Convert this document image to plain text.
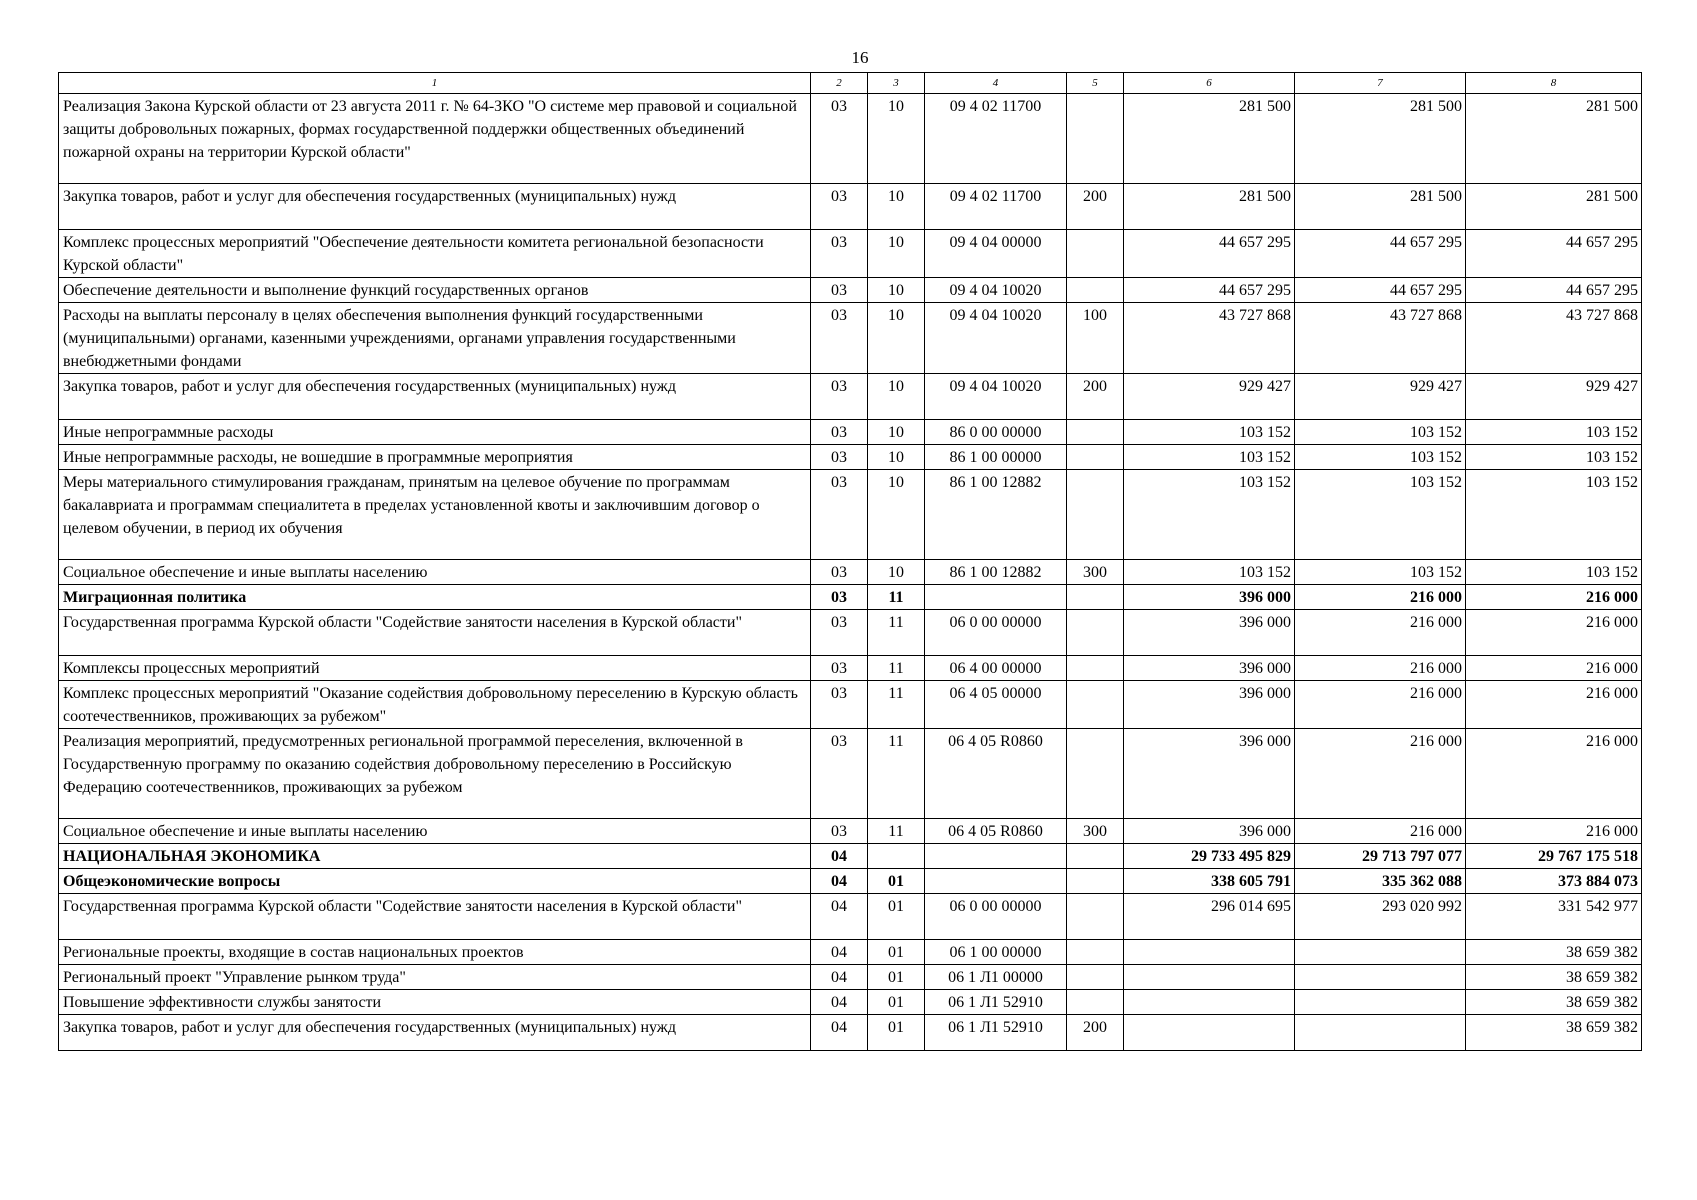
16
1	2	3	4	5	6	7	8
Реализация Закона Курской области от 23 августа 2011 г. № 64-ЗКО "О системе мер правовой и социальной защиты добровольных пожарных, формах государственной поддержки общественных объединений пожарной охраны на территории Курской области"	03	10	09 4 02 11700		281 500	281 500	281 500
Закупка товаров, работ и услуг для обеспечения государственных (муниципальных) нужд	03	10	09 4 02 11700	200	281 500	281 500	281 500
Комплекс процессных мероприятий "Обеспечение деятельности комитета региональной безопасности Курской области"	03	10	09 4 04 00000		44 657 295	44 657 295	44 657 295
Обеспечение деятельности и выполнение функций государственных органов	03	10	09 4 04 10020		44 657 295	44 657 295	44 657 295
Расходы на выплаты персоналу в целях обеспечения выполнения функций государственными (муниципальными) органами, казенными учреждениями, органами управления государственными внебюджетными фондами	03	10	09 4 04 10020	100	43 727 868	43 727 868	43 727 868
Закупка товаров, работ и услуг для обеспечения государственных (муниципальных) нужд	03	10	09 4 04 10020	200	929 427	929 427	929 427
Иные непрограммные расходы	03	10	86 0 00 00000		103 152	103 152	103 152
Иные непрограммные расходы, не вошедшие в программные мероприятия	03	10	86 1 00 00000		103 152	103 152	103 152
Меры материального стимулирования гражданам, принятым на целевое обучение по программам бакалавриата и программам специалитета в пределах установленной квоты и заключившим договор о целевом обучении, в период их обучения	03	10	86 1 00 12882		103 152	103 152	103 152
Социальное обеспечение и иные выплаты населению	03	10	86 1 00 12882	300	103 152	103 152	103 152
Миграционная политика	03	11			396 000	216 000	216 000
Государственная программа Курской области "Содействие занятости населения в Курской области"	03	11	06 0 00 00000		396 000	216 000	216 000
Комплексы процессных мероприятий	03	11	06 4 00 00000		396 000	216 000	216 000
Комплекс процессных мероприятий "Оказание содействия добровольному переселению в Курскую область соотечественников, проживающих за рубежом"	03	11	06 4 05 00000		396 000	216 000	216 000
Реализация мероприятий, предусмотренных региональной программой переселения, включенной в Государственную программу по оказанию содействия добровольному переселению в Российскую Федерацию соотечественников, проживающих за рубежом	03	11	06 4 05 R0860		396 000	216 000	216 000
Социальное обеспечение и иные выплаты населению	03	11	06 4 05 R0860	300	396 000	216 000	216 000
НАЦИОНАЛЬНАЯ ЭКОНОМИКА	04				29 733 495 829	29 713 797 077	29 767 175 518
Общеэкономические вопросы	04	01			338 605 791	335 362 088	373 884 073
Государственная программа Курской области "Содействие занятости населения в Курской области"	04	01	06 0 00 00000		296 014 695	293 020 992	331 542 977
Региональные проекты, входящие в состав национальных проектов	04	01	06 1 00 00000				38 659 382
Региональный проект "Управление рынком труда"	04	01	06 1 Л1 00000				38 659 382
Повышение эффективности службы занятости	04	01	06 1 Л1 52910				38 659 382
Закупка товаров, работ и услуг для обеспечения государственных (муниципальных) нужд	04	01	06 1 Л1 52910	200			38 659 382
